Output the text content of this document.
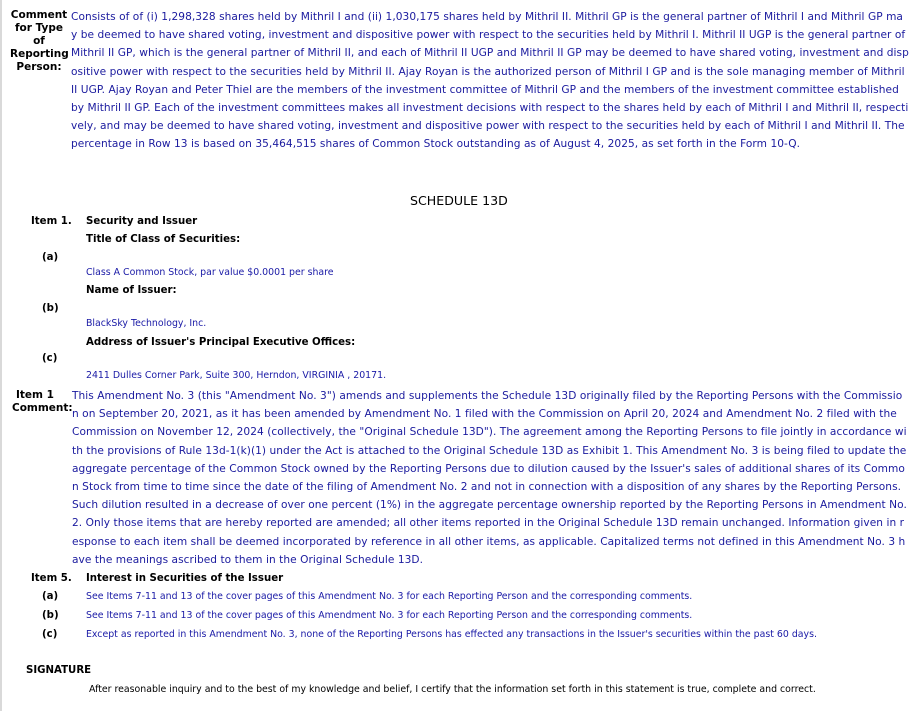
Comment
for Type
of
Reporting
Person:
Consists of of (i) 1,298,328 shares held by Mithril I and (ii) 1,030,175 shares held by Mithril II. Mithril GP is the general partner of Mithril I and Mithril GP may be deemed to have shared voting, investment and dispositive power with respect to the securities held by Mithril I. Mithril II UGP is the general partner of Mithril II GP, which is the general partner of Mithril II, and each of Mithril II UGP and Mithril II GP may be deemed to have shared voting, investment and dispositive power with respect to the securities held by Mithril II. Ajay Royan is the authorized person of Mithril I GP and is the sole managing member of Mithril II UGP. Ajay Royan and Peter Thiel are the members of the investment committee of Mithril GP and the members of the investment committee established by Mithril II GP. Each of the investment committees makes all investment decisions with respect to the shares held by each of Mithril I and Mithril II, respectively, and may be deemed to have shared voting, investment and dispositive power with respect to the securities held by each of Mithril I and Mithril II. The percentage in Row 13 is based on 35,464,515 shares of Common Stock outstanding as of August 4, 2025, as set forth in the Form 10-Q.
SCHEDULE 13D
Item 1. Security and Issuer
Title of Class of Securities:
(a)
Class A Common Stock, par value $0.0001 per share
Name of Issuer:
(b)
BlackSky Technology, Inc.
Address of Issuer's Principal Executive Offices:
(c)
2411 Dulles Corner Park, Suite 300, Herndon, VIRGINIA , 20171.
Item 1
Comment:
This Amendment No. 3 (this "Amendment No. 3") amends and supplements the Schedule 13D originally filed by the Reporting Persons with the Commission on September 20, 2021, as it has been amended by Amendment No. 1 filed with the Commission on April 20, 2024 and Amendment No. 2 filed with the Commission on November 12, 2024 (collectively, the "Original Schedule 13D"). The agreement among the Reporting Persons to file jointly in accordance with the provisions of Rule 13d-1(k)(1) under the Act is attached to the Original Schedule 13D as Exhibit 1. This Amendment No. 3 is being filed to update the aggregate percentage of the Common Stock owned by the Reporting Persons due to dilution caused by the Issuer's sales of additional shares of its Common Stock from time to time since the date of the filing of Amendment No. 2 and not in connection with a disposition of any shares by the Reporting Persons. Such dilution resulted in a decrease of over one percent (1%) in the aggregate percentage ownership reported by the Reporting Persons in Amendment No. 2. Only those items that are hereby reported are amended; all other items reported in the Original Schedule 13D remain unchanged. Information given in response to each item shall be deemed incorporated by reference in all other items, as applicable. Capitalized terms not defined in this Amendment No. 3 have the meanings ascribed to them in the Original Schedule 13D.
Item 5. Interest in Securities of the Issuer
(a)	See Items 7-11 and 13 of the cover pages of this Amendment No. 3 for each Reporting Person and the corresponding comments.
(b)	See Items 7-11 and 13 of the cover pages of this Amendment No. 3 for each Reporting Person and the corresponding comments.
(c)	Except as reported in this Amendment No. 3, none of the Reporting Persons has effected any transactions in the Issuer's securities within the past 60 days.
SIGNATURE
After reasonable inquiry and to the best of my knowledge and belief, I certify that the information set forth in this statement is true, complete and correct.
